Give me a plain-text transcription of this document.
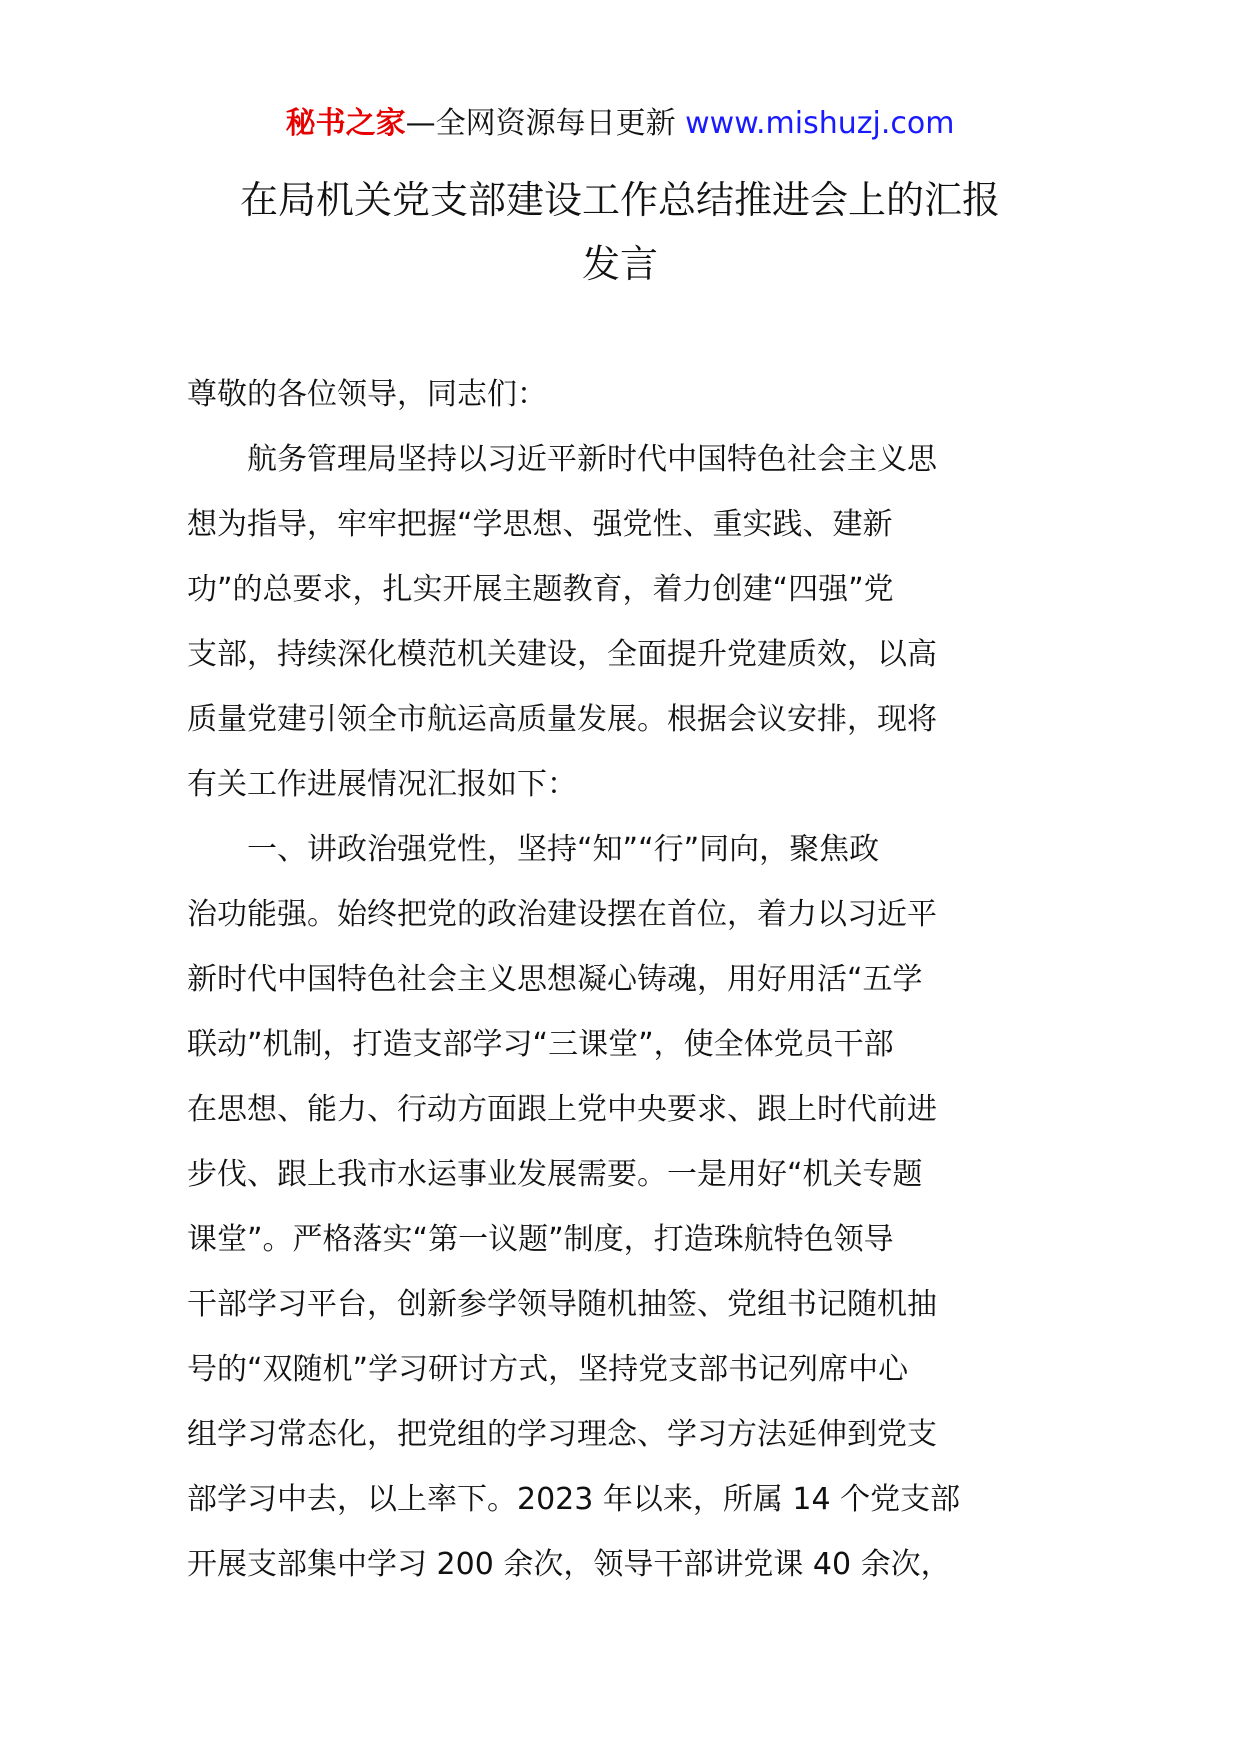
秘书之家—全网资源每日更新 www.mishuzj.com
在局机关党支部建设工作总结推进会上的汇报
发言
尊敬的各位领导，同志们：
航务管理局坚持以习近平新时代中国特色社会主义思
想为指导，牢牢把握“学思想、强党性、重实践、建新
功”的总要求，扎实开展主题教育，着力创建“四强”党
支部，持续深化模范机关建设，全面提升党建质效，以高
质量党建引领全市航运高质量发展。根据会议安排，现将
有关工作进展情况汇报如下：
一、讲政治强党性，坚持“知”“行”同向，聚焦政
治功能强。始终把党的政治建设摆在首位，着力以习近平
新时代中国特色社会主义思想凝心铸魂，用好用活“五学
联动”机制，打造支部学习“三课堂”，使全体党员干部
在思想、能力、行动方面跟上党中央要求、跟上时代前进
步伐、跟上我市水运事业发展需要。一是用好“机关专题
课堂”。严格落实“第一议题”制度，打造珠航特色领导
干部学习平台，创新参学领导随机抽签、党组书记随机抽
号的“双随机”学习研讨方式，坚持党支部书记列席中心
组学习常态化，把党组的学习理念、学习方法延伸到党支
部学习中去，以上率下。2023 年以来，所属 14 个党支部
开展支部集中学习 200 余次，领导干部讲党课 40 余次，
